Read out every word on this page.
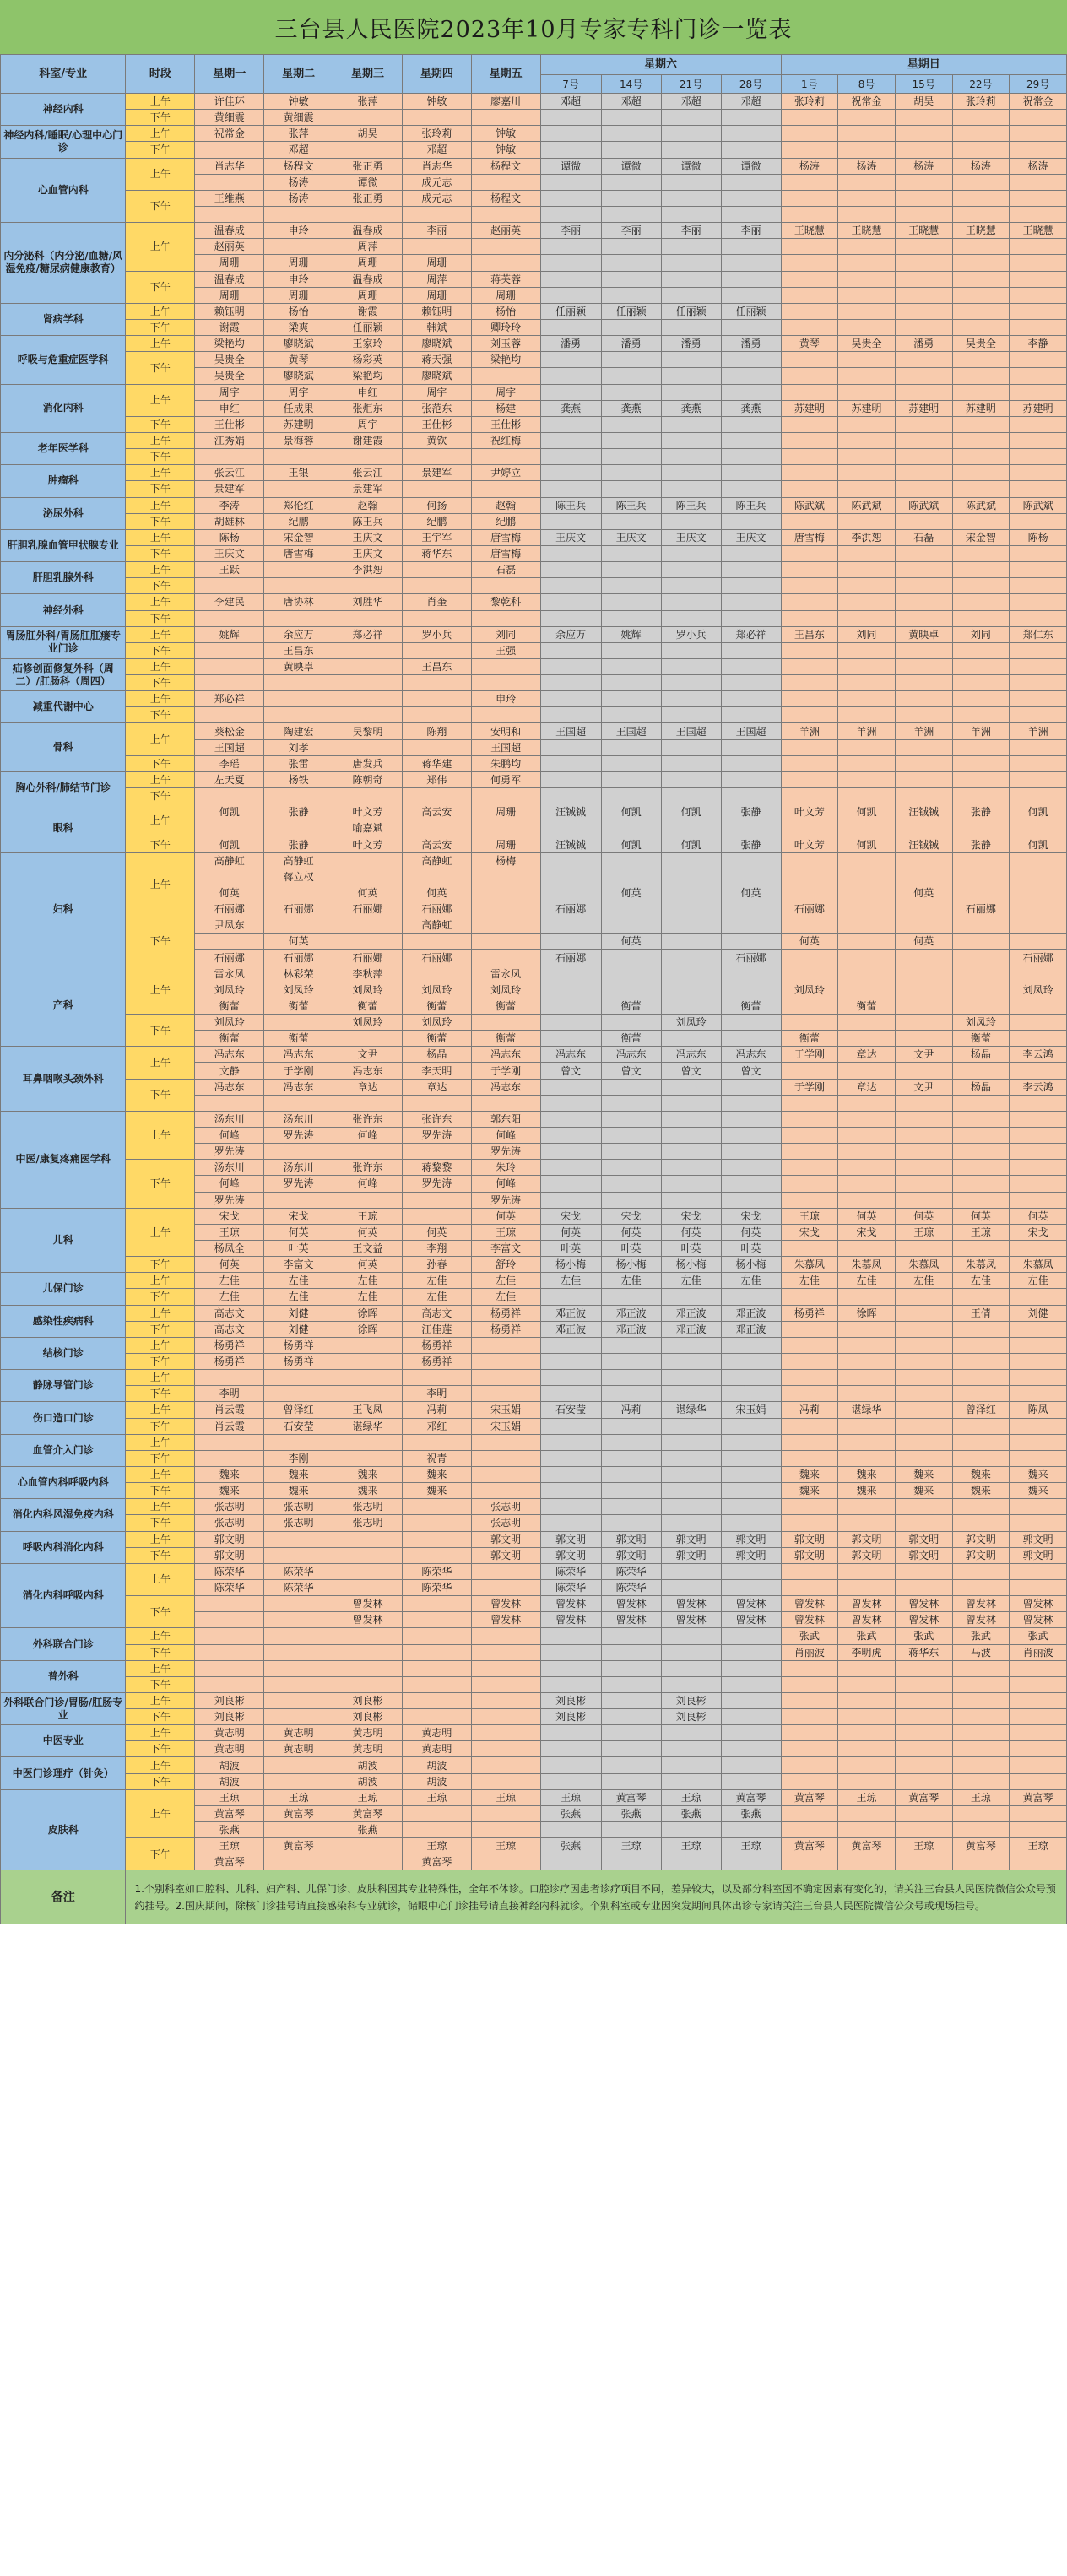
三台县人民医院2023年10月专家专科门诊一览表
科室/专业	时段	星期一	星期二	星期三	星期四	星期五	星期六				星期日				
							7号	14号	21号	28号	1号	8号	15号	22号	29号
神经内科	上午	许佳环	钟敏	张萍	钟敏	廖嘉川	邓超	邓超	邓超	邓超	张玲莉	祝常金	胡昊	张玲莉	祝常金
	下午	黄细震	黄细震												
神经内科/睡眠/心理中心门诊	上午	祝常金	张萍	胡昊	张玲莉	钟敏									
	下午		邓超		邓超	钟敏									
心血管内科	上午	肖志华	杨程文	张正勇	肖志华	杨程文	谭微	谭微	谭微	谭微	杨涛	杨涛	杨涛	杨涛	杨涛
			杨涛	谭微	成元志										
	下午	王维燕	杨涛	张正勇	成元志	杨程文									

内分泌科（内分泌/血糖/风湿免疫/糖尿病健康教育）	上午	温春成	申玲	温春成	李丽	赵丽英	李丽	李丽	李丽	李丽	王晓慧	王晓慧	王晓慧	王晓慧	王晓慧
		赵丽英		周萍											
		周珊	周珊	周珊	周珊										
	下午	温春成	申玲	温春成	周萍	蒋芙蓉									
		周珊	周珊	周珊	周珊	周珊									
肾病学科	上午	赖钰明	杨怡	谢霞	赖钰明	杨怡	任丽颖	任丽颖	任丽颖	任丽颖					
	下午	谢霞	梁爽	任丽颖	韩斌	卿玲玲									
呼吸与危重症医学科	上午	梁艳均	廖晓斌	王家玲	廖晓斌	刘玉蓉	潘勇	潘勇	潘勇	潘勇	黄琴	吴贵全	潘勇	吴贵全	李静
	下午	吴贵全	黄琴	杨彩英	蒋天强	梁艳均									
		吴贵全	廖晓斌	梁艳均	廖晓斌										
消化内科	上午	周宇	周宇	申红	周宇	周宇									
		申红	任成果	张炬东	张范东	杨建	龚燕	龚燕	龚燕	龚燕	苏建明	苏建明	苏建明	苏建明	苏建明
	下午	王仕彬	苏建明	周宇	王仕彬	王仕彬									
老年医学科	上午	江秀娟	景海蓉	谢建霞	黄钦	祝红梅									
	下午														
肿瘤科	上午	张云江	王银	张云江	景建军	尹婷立									
	下午	景建军		景建军											
泌尿外科	上午	李涛	郑伦红	赵翰	何扬	赵翰	陈王兵	陈王兵	陈王兵	陈王兵	陈武斌	陈武斌	陈武斌	陈武斌	陈武斌
	下午	胡雄林	纪鹏	陈王兵	纪鹏	纪鹏									
肝胆乳腺血管甲状腺专业	上午	陈杨	宋金智	王庆文	王宇军	唐雪梅	王庆文	王庆文	王庆文	王庆文	唐雪梅	李洪恕	石磊	宋金智	陈杨
	下午	王庆文	唐雪梅	王庆文	蒋华东	唐雪梅									
肝胆乳腺外科	上午	王跃		李洪恕		石磊									
	下午														
神经外科	上午	李建民	唐协林	刘胜华	肖奎	黎乾科									
	下午														
胃肠肛外科/胃肠肛肛瘘专业门诊	上午	姚辉	余应万	郑必祥	罗小兵	刘同	余应万	姚辉	罗小兵	郑必祥	王昌东	刘同	黄映卓	刘同	郑仁东
	下午		王昌东			王强									
疝修创面修复外科（周二）/肛肠科（周四）	上午		黄映卓		王昌东										
	下午														
减重代谢中心	上午	郑必祥				申玲									
	下午														
骨科	上午	葵松金	陶建宏	吴黎明	陈翔	安明和	王国超	王国超	王国超	王国超	羊洲	羊洲	羊洲	羊洲	羊洲
		王国超	刘孝			王国超									
	下午	李瑶	张雷	唐发兵	蒋华建	朱鹏均									
胸心外科/肺结节门诊	上午	左天夏	杨铁	陈朝奇	郑伟	何勇军									
	下午														
眼科	上午	何凯	张静	叶文芳	高云安	周珊	汪铖铖	何凯	何凯	张静	叶文芳	何凯	汪铖铖	张静	何凯
				喻嘉斌											
	下午	何凯	张静	叶文芳	高云安	周珊	汪铖铖	何凯	何凯	张静	叶文芳	何凯	汪铖铖	张静	何凯
妇科	上午	高静虹	高静虹		高静虹	杨梅									
			蒋立权												
		何英		何英	何英			何英		何英			何英		
		石丽娜	石丽娜	石丽娜	石丽娜		石丽娜				石丽娜			石丽娜	
	下午	尹凤东			高静虹										
			何英					何英			何英		何英		
		石丽娜	石丽娜	石丽娜	石丽娜		石丽娜			石丽娜					石丽娜
产科	上午	雷永凤	林彩荣	李秋萍		雷永凤									
		刘凤玲	刘凤玲	刘凤玲	刘凤玲	刘凤玲					刘凤玲				刘凤玲
		衡蕾	衡蕾	衡蕾	衡蕾	衡蕾		衡蕾		衡蕾		衡蕾			
	下午	刘凤玲		刘凤玲	刘凤玲				刘凤玲					刘凤玲	
		衡蕾	衡蕾		衡蕾	衡蕾		衡蕾			衡蕾			衡蕾	
耳鼻咽喉头颈外科	上午	冯志东	冯志东	文尹	杨晶	冯志东	冯志东	冯志东	冯志东	冯志东	于学刚	章达	文尹	杨晶	李云鸿
		文静	于学刚	冯志东	李天明	于学刚	曾文	曾文	曾文	曾文					
	下午	冯志东	冯志东	章达	章达	冯志东					于学刚	章达	文尹	杨晶	李云鸿

中医/康复疼痛医学科	上午	汤东川	汤东川	张许东	张许东	郭东阳									
		何峰	罗先涛	何峰	罗先涛	何峰									
		罗先涛				罗先涛									
	下午	汤东川	汤东川	张许东	蒋黎黎	朱玲									
		何峰	罗先涛	何峰	罗先涛	何峰									
		罗先涛				罗先涛									
儿科	上午	宋戈	宋戈	王琼		何英	宋戈	宋戈	宋戈	宋戈	王琼	何英	何英	何英	何英
		王琼	何英	何英	何英	王琼	何英	何英	何英	何英	宋戈	宋戈	王琼	王琼	宋戈
		杨凤全	叶英	王文益	李翔	李富文	叶英	叶英	叶英	叶英					
	下午	何英	李富文	何英	孙春	舒玲	杨小梅	杨小梅	杨小梅	杨小梅	朱慕凤	朱慕凤	朱慕凤	朱慕凤	朱慕凤
儿保门诊	上午	左佳	左佳	左佳	左佳	左佳	左佳	左佳	左佳	左佳	左佳	左佳	左佳	左佳	左佳
	下午	左佳	左佳	左佳	左佳	左佳									
感染性疾病科	上午	高志文	刘健	徐晖	高志文	杨勇祥	邓正波	邓正波	邓正波	邓正波	杨勇祥	徐晖		王倩	刘健
	下午	高志文	刘健	徐晖	江佳莲	杨勇祥	邓正波	邓正波	邓正波	邓正波					
结核门诊	上午	杨勇祥	杨勇祥		杨勇祥										
	下午	杨勇祥	杨勇祥		杨勇祥										
静脉导管门诊	上午														
	下午	李明			李明										
伤口造口门诊	上午	肖云霞	曾泽红	王飞凤	冯莉	宋玉娟	石安莹	冯莉	谌绿华	宋玉娟	冯莉	谌绿华		曾泽红	陈凤
	下午	肖云霞	石安莹	谌绿华	邓红	宋玉娟									
血管介入门诊	上午														
	下午		李刚		祝青										
心血管内科呼吸内科	上午	魏来	魏来	魏来	魏来						魏来	魏来	魏来	魏来	魏来
	下午	魏来	魏来	魏来	魏来						魏来	魏来	魏来	魏来	魏来
消化内科风湿免疫内科	上午	张志明	张志明	张志明		张志明									
	下午	张志明	张志明	张志明		张志明									
呼吸内科消化内科	上午	郭文明				郭文明	郭文明	郭文明	郭文明	郭文明	郭文明	郭文明	郭文明	郭文明	郭文明
	下午	郭文明				郭文明	郭文明	郭文明	郭文明	郭文明	郭文明	郭文明	郭文明	郭文明	郭文明
消化内科呼吸内科	上午	陈荣华	陈荣华		陈荣华		陈荣华	陈荣华							
		陈荣华	陈荣华		陈荣华		陈荣华	陈荣华							
	下午			曾发林		曾发林	曾发林	曾发林	曾发林	曾发林	曾发林	曾发林	曾发林	曾发林	曾发林
				曾发林		曾发林	曾发林	曾发林	曾发林	曾发林	曾发林	曾发林	曾发林	曾发林	曾发林
外科联合门诊	上午										张武	张武	张武	张武	张武
	下午										肖丽波	李明虎	蒋华东	马波	肖丽波
普外科	上午														
	下午														
外科联合门诊/胃肠/肛肠专业	上午	刘良彬		刘良彬			刘良彬		刘良彬						
	下午	刘良彬		刘良彬			刘良彬		刘良彬						
中医专业	上午	黄志明	黄志明	黄志明	黄志明										
	下午	黄志明	黄志明	黄志明	黄志明										
中医门诊理疗（针灸）	上午	胡波		胡波	胡波										
	下午	胡波		胡波	胡波										
皮肤科	上午	王琼	王琼	王琼	王琼	王琼	王琼	黄富琴	王琼	黄富琴	黄富琴	王琼	黄富琴	王琼	黄富琴
		黄富琴	黄富琴	黄富琴			张燕	张燕	张燕	张燕					
		张燕		张燕											
	下午	王琼	黄富琴		王琼	王琼	张燕	王琼	王琼	王琼	黄富琴	黄富琴	王琼	黄富琴	王琼
		黄富琴			黄富琴										
备注	1.个别科室如口腔科、儿科、妇产科、儿保门诊、皮肤科因其专业特殊性，全年不休诊。口腔诊疗因患者诊疗项目不同，差异较大，以及部分科室因不确定因素有变化的，请关注三台县人民医院微信公众号预约挂号。2.国庆期间，除核门诊挂号请直接感染科专业就诊，储眼中心门诊挂号请直接神经内科就诊。个别科室或专业因突发期间具体出诊专家请关注三台县人民医院微信公众号或现场挂号。														
